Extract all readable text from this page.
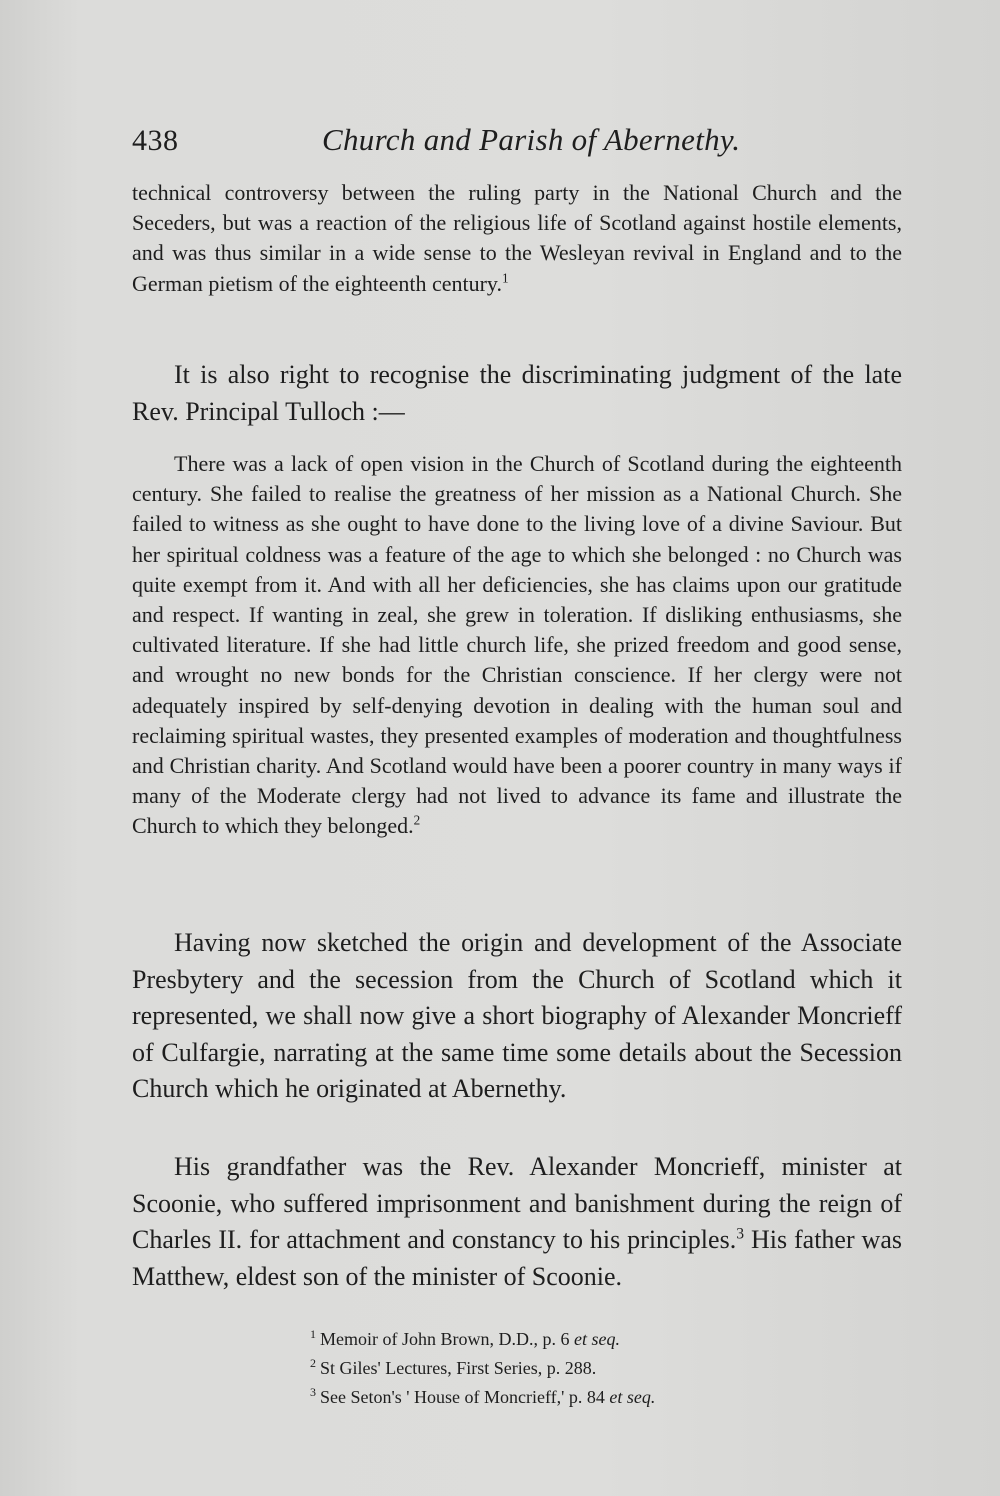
438	Church and Parish of Abernethy.

technical controversy between the ruling party in the National Church and the Seceders, but was a reaction of the religious life of Scotland against hostile elements, and was thus similar in a wide sense to the Wesleyan revival in England and to the German pietism of the eighteenth century.$^1$

It is also right to recognise the discriminating judgment of the late Rev. Principal Tulloch :—

There was a lack of open vision in the Church of Scotland during the eighteenth century. She failed to realise the greatness of her mission as a National Church. She failed to witness as she ought to have done to the living love of a divine Saviour. But her spiritual coldness was a feature of the age to which she belonged : no Church was quite exempt from it. And with all her deficiencies, she has claims upon our gratitude and respect. If wanting in zeal, she grew in toleration. If disliking enthusiasms, she cultivated literature. If she had little church life, she prized freedom and good sense, and wrought no new bonds for the Christian conscience. If her clergy were not adequately inspired by self-denying devotion in dealing with the human soul and reclaiming spiritual wastes, they presented examples of moderation and thoughtfulness and Christian charity. And Scotland would have been a poorer country in many ways if many of the Moderate clergy had not lived to advance its fame and illustrate the Church to which they belonged.$^2$

Having now sketched the origin and development of the Associate Presbytery and the secession from the Church of Scotland which it represented, we shall now give a short biography of Alexander Moncrieff of Culfargie, narrating at the same time some details about the Secession Church which he originated at Abernethy.

His grandfather was the Rev. Alexander Moncrieff, minister at Scoonie, who suffered imprisonment and banishment during the reign of Charles II. for attachment and constancy to his principles.$^3$ His father was Matthew, eldest son of the minister of Scoonie.

$^1$ Memoir of John Brown, D.D., p. 6 et seq.

$^2$ St Giles' Lectures, First Series, p. 288.

$^3$ See Seton's ' House of Moncrieff,' p. 84 et seq.
